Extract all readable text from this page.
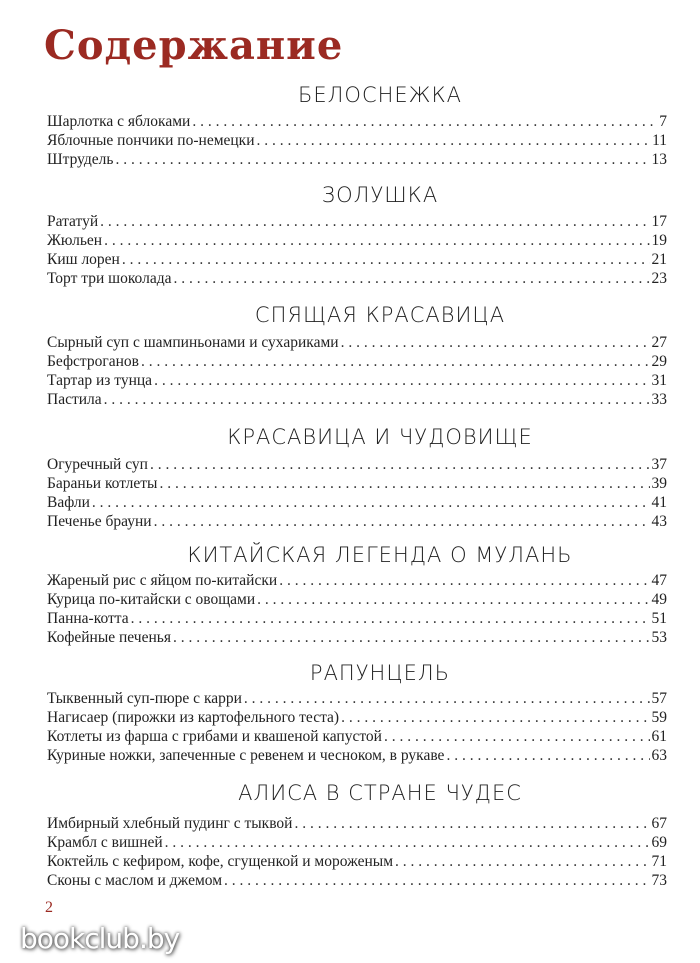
Содержание
БЕЛОСНЕЖКА
Шарлотка с яблоками . . .	7
Яблочные пончики по-немецки . . .	11
Штрудель . . .	13
ЗОЛУШКА
Рататуй . . .	17
Жюльен . . .	19
Киш лорен . . .	21
Торт три шоколада . . .	23
СПЯЩАЯ КРАСАВИЦА
Сырный суп с шампиньонами и сухариками . . .	27
Бефстроганов . . .	29
Тартар из тунца . . .	31
Пастила . . .	33
КРАСАВИЦА И ЧУДОВИЩЕ
Огуречный суп . . .	37
Бараньи котлеты . . .	39
Вафли . . .	41
Печенье брауни . . .	43
КИТАЙСКАЯ ЛЕГЕНДА О МУЛАНЬ
Жареный рис с яйцом по-китайски . . .	47
Курица по-китайски с овощами . . .	49
Панна-котта . . .	51
Кофейные печенья . . .	53
РАПУНЦЕЛЬ
Тыквенный суп-пюре с карри . . .	57
Нагисаер (пирожки из картофельного теста) . . .	59
Котлеты из фарша с грибами и квашеной капустой . . .	61
Куриные ножки, запеченные с ревенем и чесноком, в рукаве . . .	63
АЛИСА В СТРАНЕ ЧУДЕС
Имбирный хлебный пудинг с тыквой . . .	67
Крамбл с вишней . . .	69
Коктейль с кефиром, кофе, сгущенкой и мороженым . . .	71
Сконы с маслом и джемом . . .	73
2
bookclub.by
